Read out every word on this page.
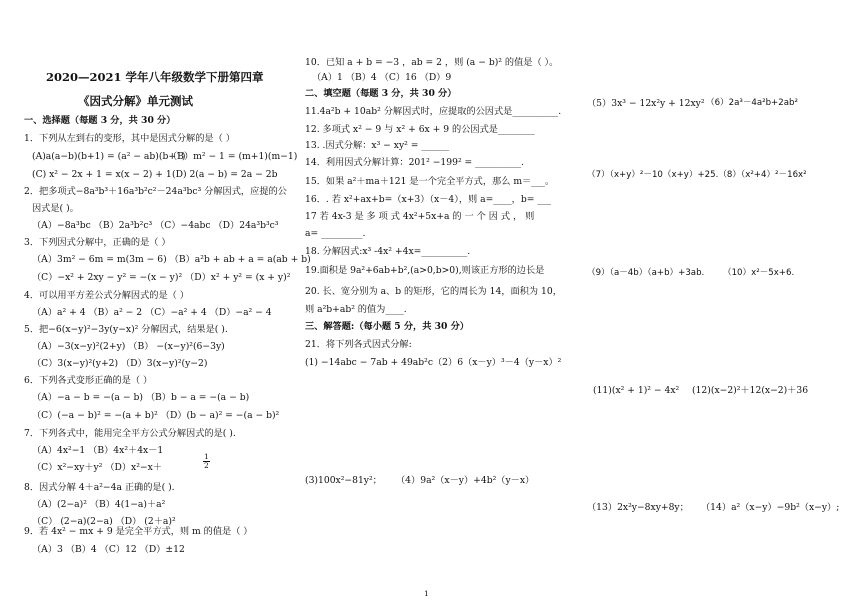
2020—2021 学年八年级数学下册第四章
《因式分解》单元测试
一、选择题（每题 3 分，共 30 分）
1．下列从左到右的变形，其中是因式分解的是（ ）
(A)a(a−b)(b+1) = (a² − ab)(b+1)
（B）m² − 1 = (m+1)(m−1)
(C) x² − 2x + 1 = x(x − 2) + 1 (D) 2(a − b) = 2a − 2b
2．把多项式−8a³b³＋16a³b²c²－24a³bc³ 分解因式，应提的公
因式是( )。
（A）−8a³bc （B）2a³b²c³ （C）−4abc （D）24a³b³c³
3．下列因式分解中，正确的是（ ）
（A）3m² − 6m = m(3m − 6) （B）a²b + ab + a = a(ab + b)
（C）−x² + 2xy − y² = −(x − y)² （D）x² + y² = (x + y)²
4．可以用平方差公式分解因式的是（ ）
（A）a² + 4 （B）a² − 2 （C）−a² + 4 （D）−a² − 4
5．把−6(x−y)²−3y(y−x)² 分解因式，结果是( ).
（A）−3(x−y)²(2+y) （B） −(x−y)²(6−3y)
（C）3(x−y)²(y+2) （D）3(x−y)²(y−2)
6．下列各式变形正确的是（ ）
（A）−a − b = −(a − b) （B）b − a = −(a − b)
（C）(−a − b)² = −(a + b)² （D）(b − a)² = −(a − b)²
7．下列各式中，能用完全平方公式分解因式的是( ).
（A）4x²−1 （B）4x²＋4x－1
（C）x²−xy＋y² （D）x²−x＋	$\frac{1}{2}$
8．因式分解 4＋a²−4a 正确的是( ).
（A）(2−a)² （B）4(1−a)＋a²
（C） (2−a)(2−a) （D） (2＋a)²
9．若 4x² − mx + 9 是完全平方式，则 m 的值是（ ）
（A）3 （B）4 （C）12 （D）±12
10．已知 a + b = −3 ，ab = 2 ，则 (a − b)² 的值是（ ）。
（A）1 （B）4 （C）16 （D）9
二、填空题（每题 3 分，共 30 分）
11.4a²b + 10ab² 分解因式时，应提取的公因式是__________.
12. 多项式 x² − 9 与 x² + 6x + 9 的公因式是________
13. .因式分解：x³ − xy² = ______
14．利用因式分解计算：201² −199² = __________.
15．如果 a²＋ma＋121 是一个完全平方式，那么 m＝___。
16．. 若 x²+ax+b=（x+3）（x－4），则 a=____，b= ___
17 若 4x-3 是 多 项 式 4x²+5x+a 的 一 个 因 式 ， 则
a= _________.
18. 分解因式:x³ -4x² +4x=__________.
19.面积是 9a²+6ab+b²,(a>0,b>0),则该正方形的边长是
20. 长、宽分别为 a、b 的矩形，它的周长为 14，面积为 10，
则 a²b+ab² 的值为____.
三、解答题:（每小题 5 分，共 30 分）
21．将下列各式因式分解:
(1) −14abc − 7ab + 49ab²c（2）6（x－y）³－4（y－x）²
(3)100x²−81y²； （4）9a²（x－y）+4b²（y－x）
（5）3x³ − 12x²y + 12xy² （6）2a³－4a²b+2ab²
（7）（x+y）²－10（x+y）+25.（8）（x²+4）²－16x²
（9）（a－4b）（a+b）+3ab. （10）x²－5x+6.
(11)(x² + 1)² − 4x² (12)(x−2)²＋12(x−2)＋36
（13）2x²y−8xy+8y； （14）a²（x−y）−9b²（x−y）;
1
